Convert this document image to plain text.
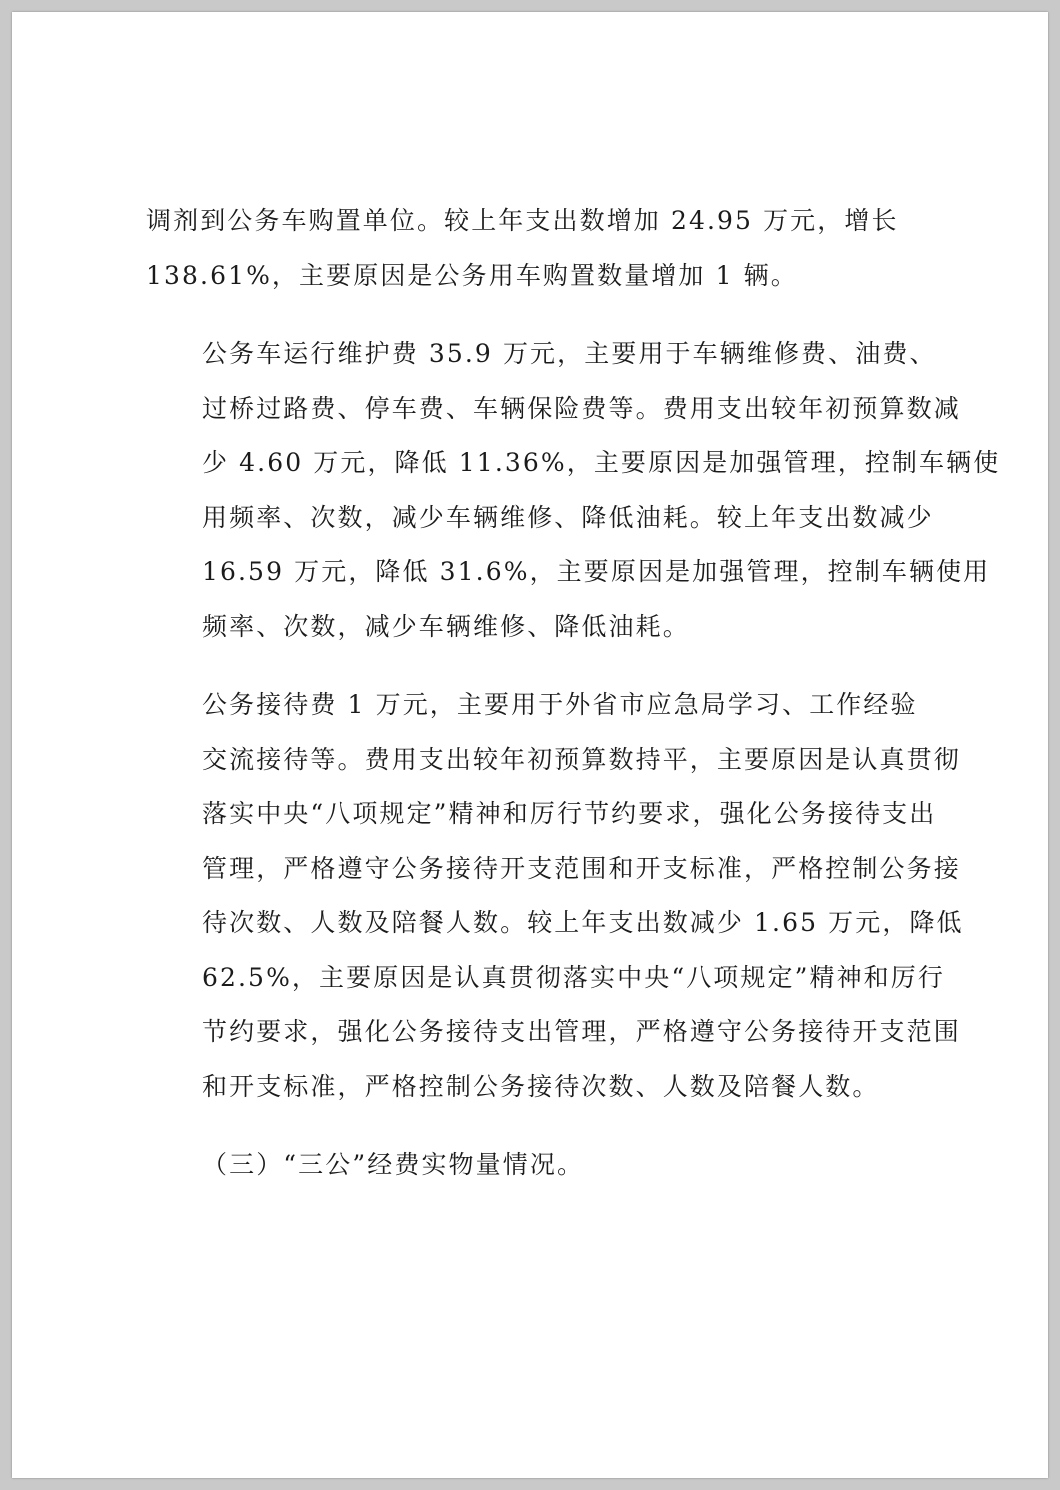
调剂到公务车购置单位。较上年支出数增加 24.95 万元，增长
138.61%，主要原因是公务用车购置数量增加 1 辆。

公务车运行维护费 35.9 万元，主要用于车辆维修费、油费、
过桥过路费、停车费、车辆保险费等。费用支出较年初预算数减
少 4.60 万元，降低 11.36%，主要原因是加强管理，控制车辆使
用频率、次数，减少车辆维修、降低油耗。较上年支出数减少
16.59 万元，降低 31.6%，主要原因是加强管理，控制车辆使用
频率、次数，减少车辆维修、降低油耗。

公务接待费 1 万元，主要用于外省市应急局学习、工作经验
交流接待等。费用支出较年初预算数持平，主要原因是认真贯彻
落实中央“八项规定”精神和厉行节约要求，强化公务接待支出
管理，严格遵守公务接待开支范围和开支标准，严格控制公务接
待次数、人数及陪餐人数。较上年支出数减少 1.65 万元，降低
62.5%，主要原因是认真贯彻落实中央“八项规定”精神和厉行
节约要求，强化公务接待支出管理，严格遵守公务接待开支范围
和开支标准，严格控制公务接待次数、人数及陪餐人数。

（三）“三公”经费实物量情况。
